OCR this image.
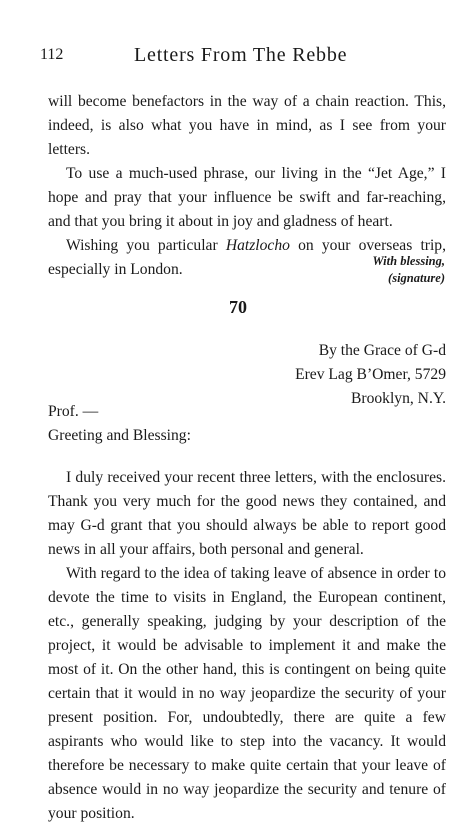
112	Letters From The Rebbe

will become benefactors in the way of a chain reaction. This, indeed, is also what you have in mind, as I see from your letters.

To use a much-used phrase, our living in the “Jet Age,” I hope and pray that your influence be swift and far-reaching, and that you bring it about in joy and gladness of heart.

Wishing you particular Hatzlocho on your overseas trip, especially in London.	With blessing,
(signature)
70
By the Grace of G-d
Erev Lag B’Omer, 5729
Brooklyn, N.Y.
Prof. —
Greeting and Blessing:

I duly received your recent three letters, with the enclosures. Thank you very much for the good news they contained, and may G-d grant that you should always be able to report good news in all your affairs, both personal and general.

With regard to the idea of taking leave of absence in order to devote the time to visits in England, the European continent, etc., generally speaking, judging by your description of the project, it would be advisable to implement it and make the most of it. On the other hand, this is contingent on being quite certain that it would in no way jeopardize the security of your present position. For, undoubtedly, there are quite a few aspirants who would like to step into the vacancy. It would therefore be necessary to make quite certain that your leave of absence would in no way jeopardize the security and tenure of your position.
